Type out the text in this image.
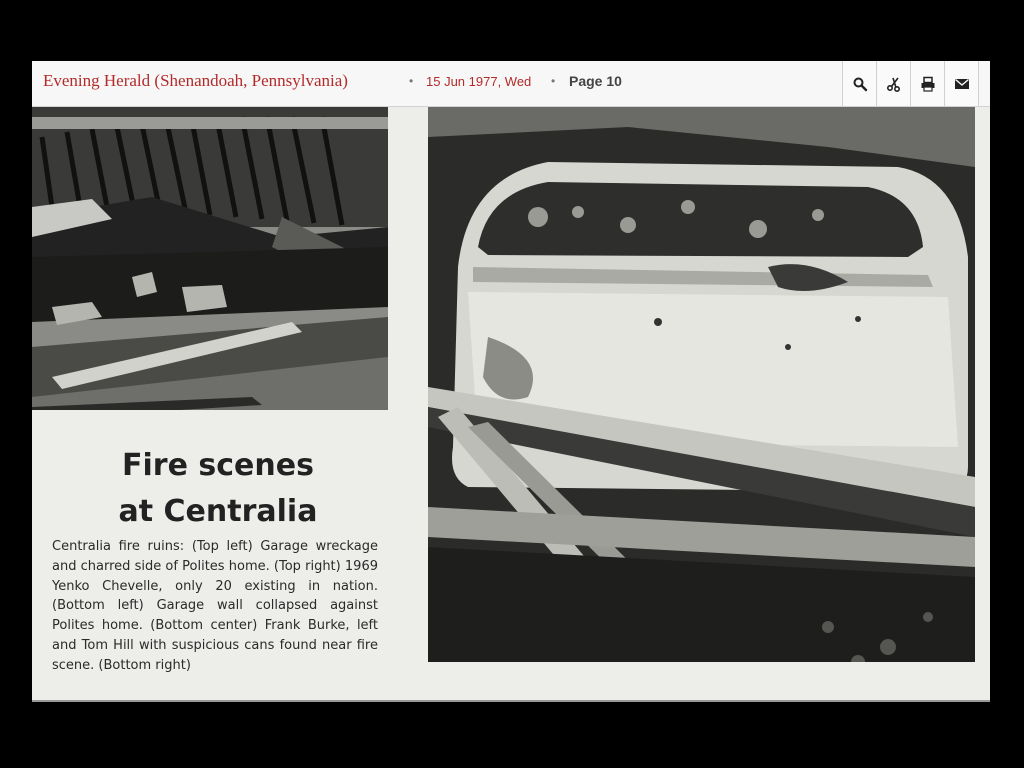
Evening Herald (Shenandoah, Pennsylvania)	• 15 Jun 1977, Wed • Page 10
Fire scenes
at Centralia
Centralia fire ruins: (Top left) Garage wreckage and charred side of Polites home. (Top right) 1969 Yenko Chevelle, only 20 existing in nation. (Bottom left) Garage wall collapsed against Polites home. (Bottom center) Frank Burke, left and Tom Hill with suspicious cans found near fire scene. (Bottom right)
